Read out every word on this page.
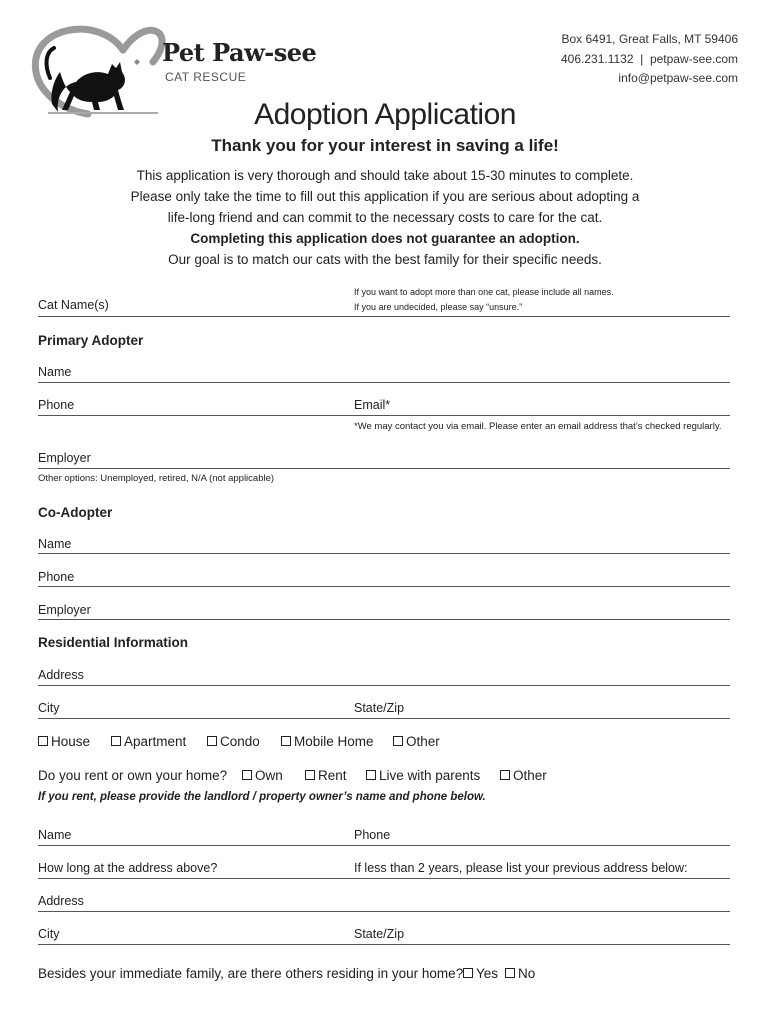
Pet Paw-see
CAT RESCUE
Box 6491, Great Falls, MT 59406
406.231.1132  |  petpaw-see.com
info@petpaw-see.com
Adoption Application
Thank you for your interest in saving a life!
This application is very thorough and should take about 15-30 minutes to complete.
Please only take the time to fill out this application if you are serious about adopting a
life-long friend and can commit to the necessary costs to care for the cat.
Completing this application does not guarantee an adoption.
Our goal is to match our cats with the best family for their specific needs.
Cat Name(s)
If you want to adopt more than one cat, please include all names.
If you are undecided, please say “unsure.”
Primary Adopter
Name
Phone	Email*
*We may contact you via email. Please enter an email address that’s checked regularly.
Employer
Other options: Unemployed, retired, N/A (not applicable)
Co-Adopter
Name
Phone
Employer
Residential Information
Address
City	State/Zip
House	Apartment	Condo	Mobile Home	Other
Do you rent or own your home?	Own	Rent	Live with parents	Other
If you rent, please provide the landlord / property owner’s name and phone below.
Name	Phone
How long at the address above?	If less than 2 years, please list your previous address below:
Address
City	State/Zip
Besides your immediate family, are there others residing in your home? Yes	No
